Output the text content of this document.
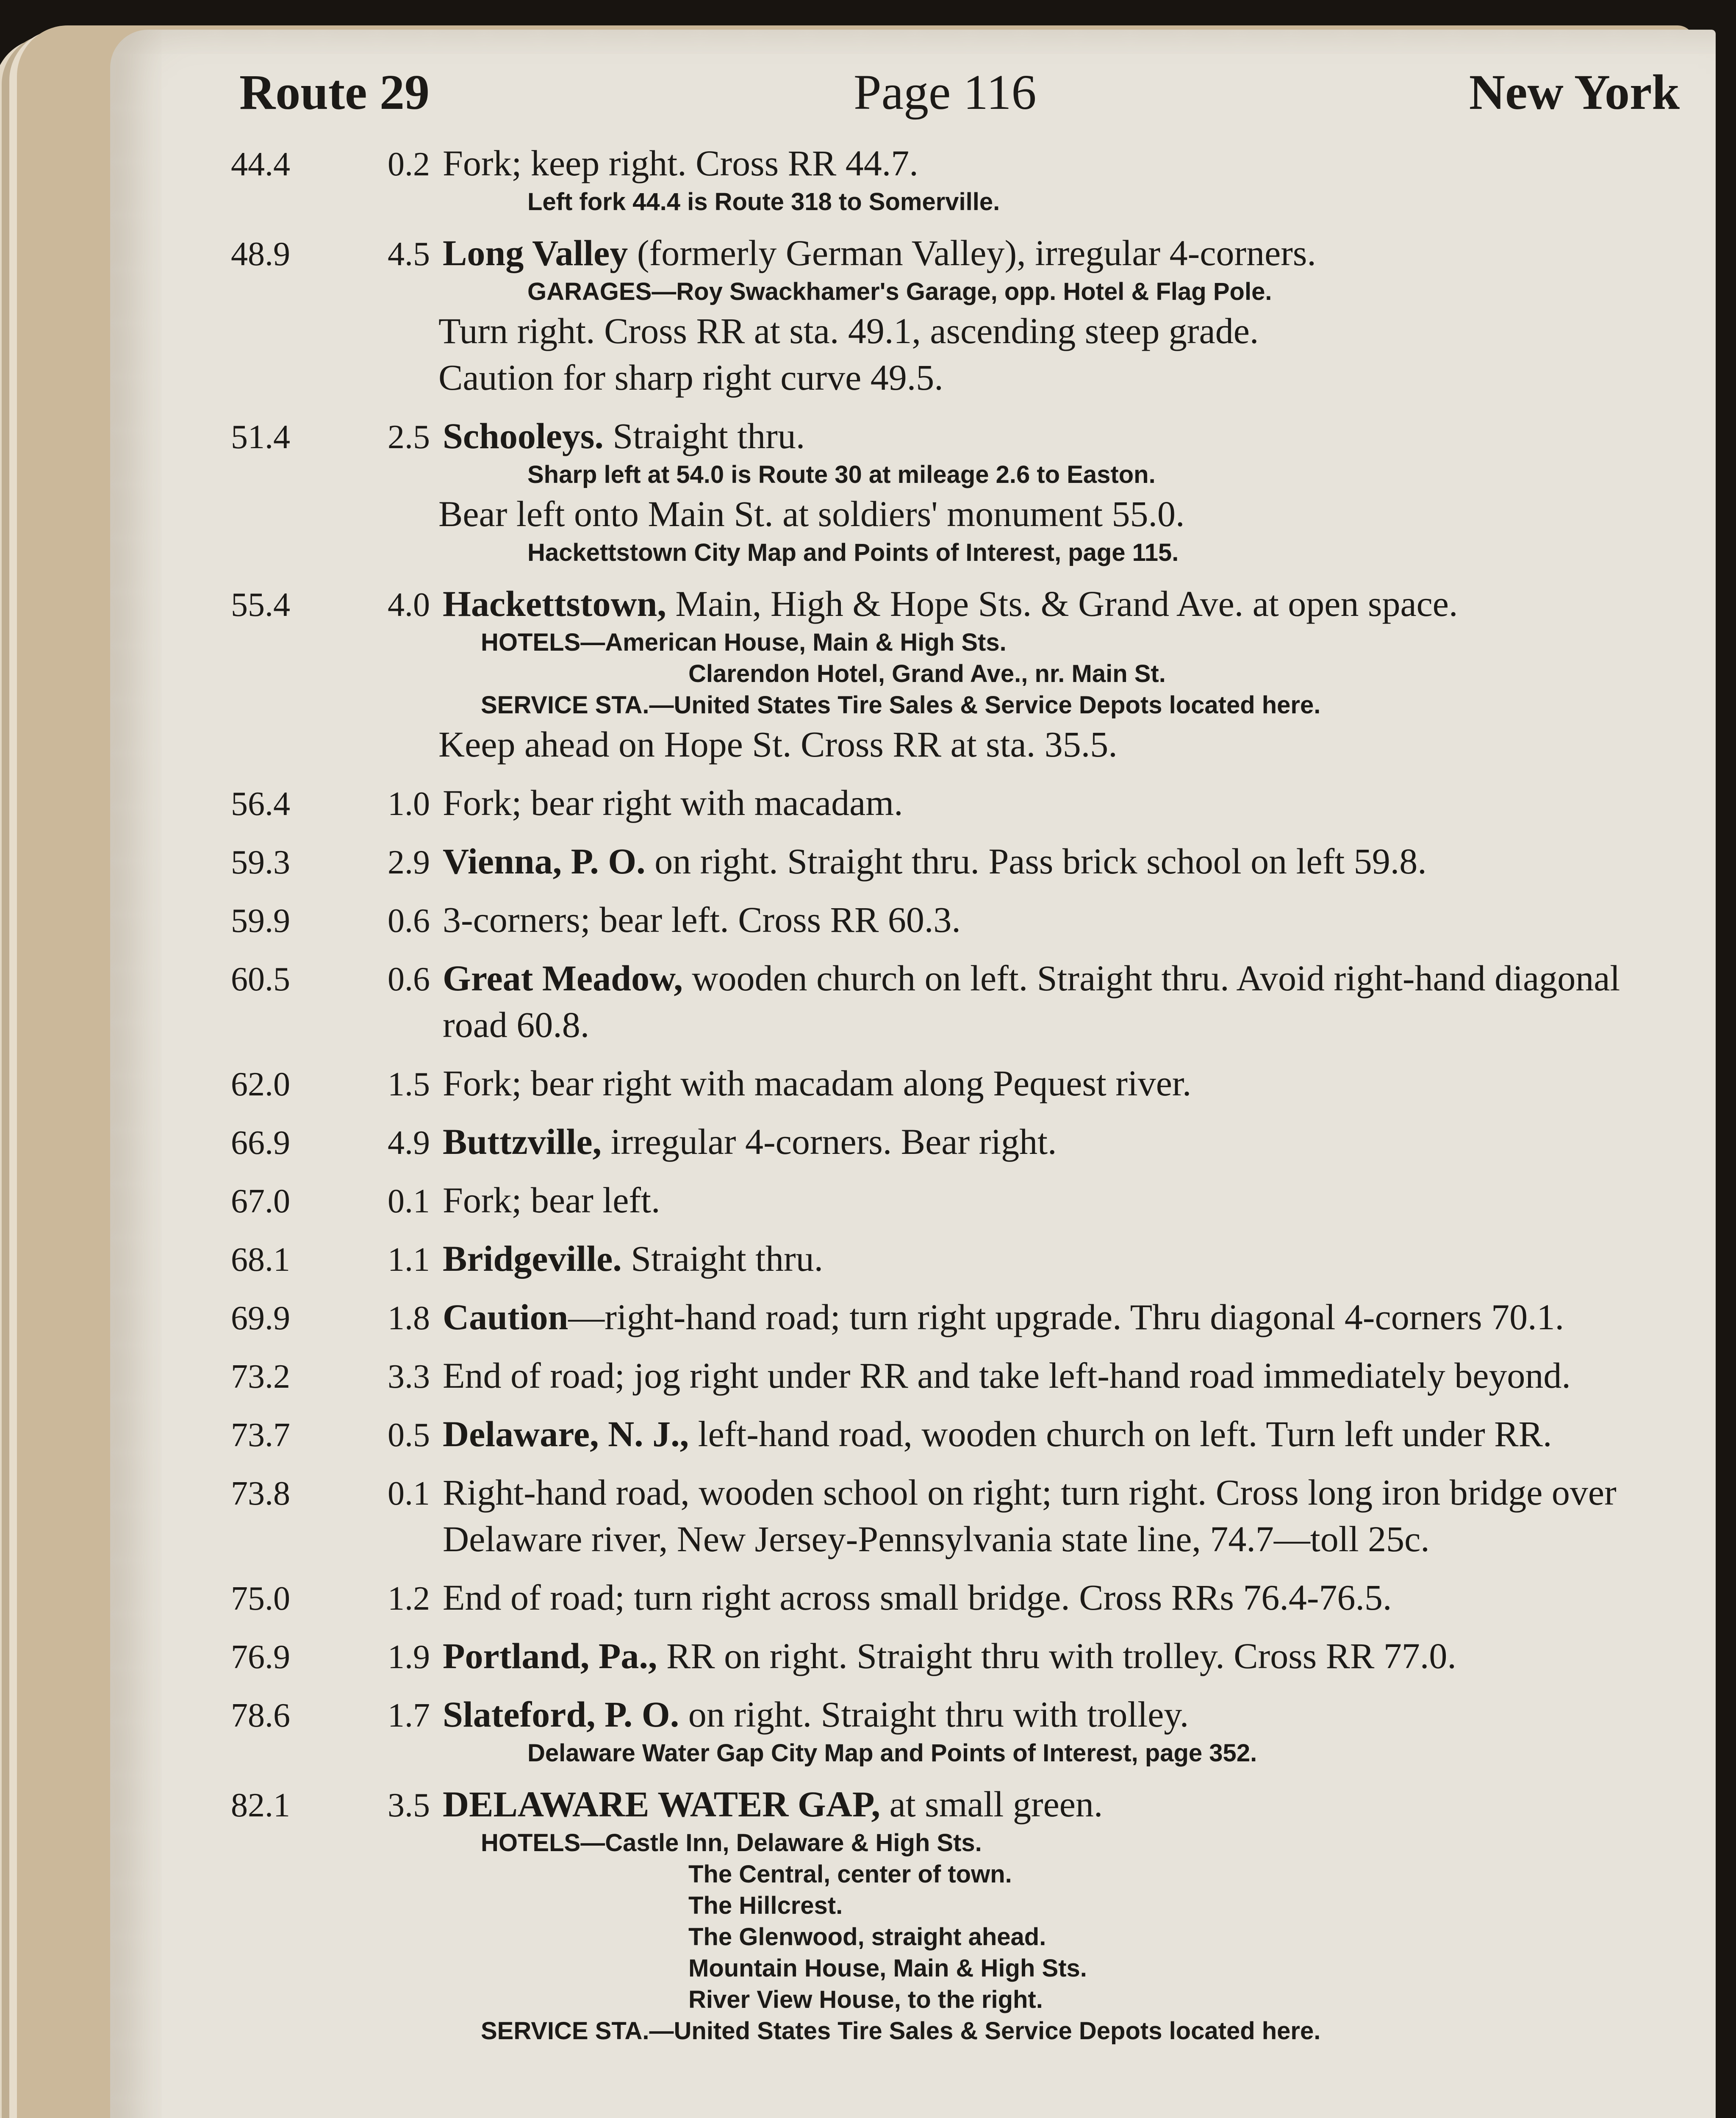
Route 29	Page 116	New York
44.4	0.2 Fork; keep right. Cross RR 44.7.
Left fork 44.4 is Route 318 to Somerville.
48.9	4.5 Long Valley (formerly German Valley), irregular 4-corners.
GARAGES—Roy Swackhamer's Garage, opp. Hotel & Flag Pole.
Turn right. Cross RR at sta. 49.1, ascending steep grade.
Caution for sharp right curve 49.5.
51.4	2.5 Schooleys. Straight thru.
Sharp left at 54.0 is Route 30 at mileage 2.6 to Easton.
Bear left onto Main St. at soldiers' monument 55.0.
Hackettstown City Map and Points of Interest, page 115.
55.4	4.0 Hackettstown, Main, High & Hope Sts. & Grand Ave. at open space.
HOTELS—American House, Main & High Sts.
Clarendon Hotel, Grand Ave., nr. Main St.
SERVICE STA.—United States Tire Sales & Service Depots located here.
Keep ahead on Hope St. Cross RR at sta. 35.5.
56.4	1.0 Fork; bear right with macadam.
59.3	2.9 Vienna, P. O. on right. Straight thru. Pass brick school on left 59.8.
59.9	0.6 3-corners; bear left. Cross RR 60.3.
60.5	0.6 Great Meadow, wooden church on left. Straight thru. Avoid right-hand diagonal road 60.8.
62.0	1.5 Fork; bear right with macadam along Pequest river.
66.9	4.9 Buttzville, irregular 4-corners. Bear right.
67.0	0.1 Fork; bear left.
68.1	1.1 Bridgeville. Straight thru.
69.9	1.8 Caution—right-hand road; turn right upgrade. Thru diagonal 4-corners 70.1.
73.2	3.3 End of road; jog right under RR and take left-hand road immediately beyond.
73.7	0.5 Delaware, N. J., left-hand road, wooden church on left. Turn left under RR.
73.8	0.1 Right-hand road, wooden school on right; turn right. Cross long iron bridge over Delaware river, New Jersey-Pennsylvania state line, 74.7—toll 25c.
75.0	1.2 End of road; turn right across small bridge. Cross RRs 76.4-76.5.
76.9	1.9 Portland, Pa., RR on right. Straight thru with trolley. Cross RR 77.0.
78.6	1.7 Slateford, P. O. on right. Straight thru with trolley.
Delaware Water Gap City Map and Points of Interest, page 352.
82.1	3.5 DELAWARE WATER GAP, at small green.
HOTELS—Castle Inn, Delaware & High Sts.
The Central, center of town.
The Hillcrest.
The Glenwood, straight ahead.
Mountain House, Main & High Sts.
River View House, to the right.
SERVICE STA.—United States Tire Sales & Service Depots located here.
